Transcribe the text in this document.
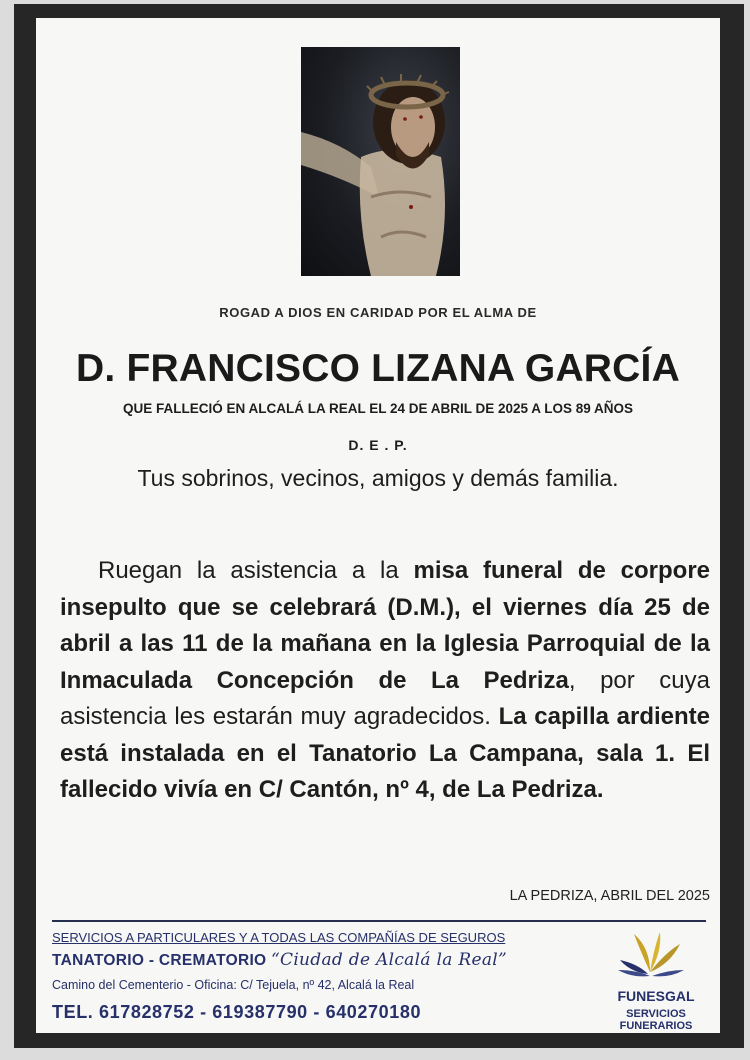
ROGAD A DIOS EN CARIDAD POR EL ALMA DE
D. FRANCISCO LIZANA GARCÍA
QUE FALLECIÓ EN ALCALÁ LA REAL EL 24 DE ABRIL DE 2025 A LOS 89 AÑOS
D. E . P.
Tus sobrinos, vecinos, amigos y demás familia.
Ruegan la asistencia a la misa funeral de corpore insepulto que se celebrará (D.M.), el viernes día 25 de abril a las 11 de la mañana en la Iglesia Parroquial de la Inmaculada Concepción de La Pedriza, por cuya asistencia les estarán muy agradecidos. La capilla ardiente está instalada en el Tanatorio La Campana, sala 1. El fallecido vivía en C/ Cantón, nº 4, de La Pedriza.
LA PEDRIZA, ABRIL DEL 2025
SERVICIOS A PARTICULARES Y A TODAS LAS COMPAÑÍAS DE SEGUROS
TANATORIO - CREMATORIO “Ciudad de Alcalá la Real”
Camino del Cementerio - Oficina: C/ Tejuela, nº 42, Alcalá la Real
TEL. 617828752 - 619387790 - 640270180
FUNESGAL
SERVICIOS FUNERARIOS
